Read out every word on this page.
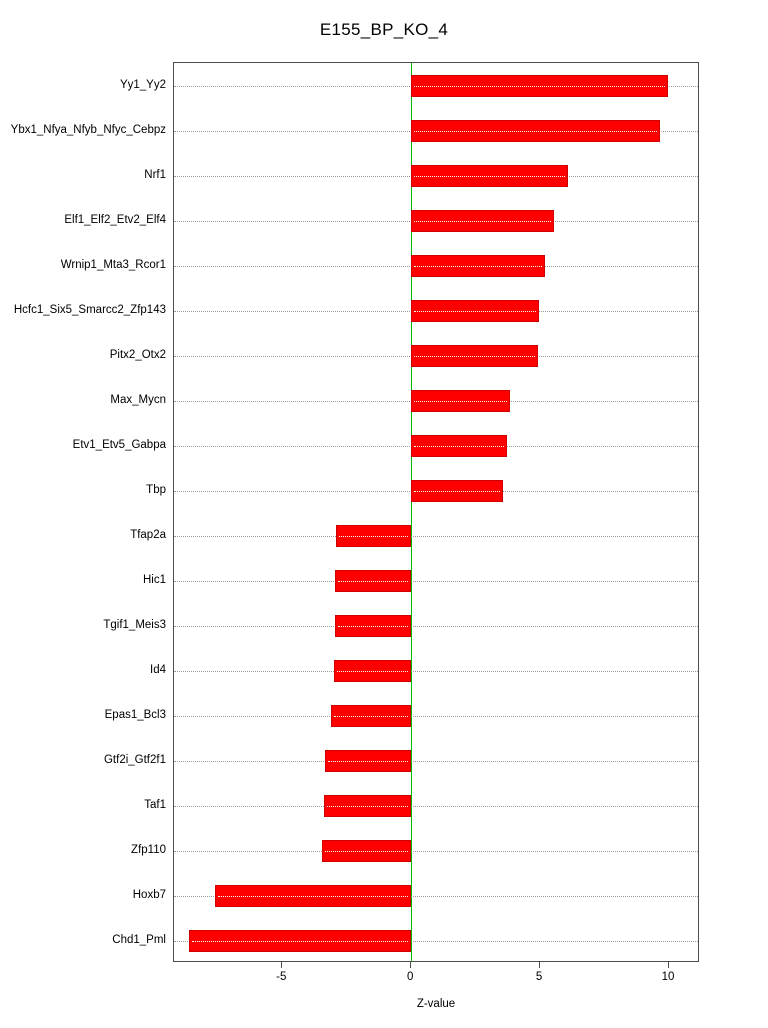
E155_BP_KO_4
Yy1_Yy2
Ybx1_Nfya_Nfyb_Nfyc_Cebpz
Nrf1
Elf1_Elf2_Etv2_Elf4
Wrnip1_Mta3_Rcor1
Hcfc1_Six5_Smarcc2_Zfp143
Pitx2_Otx2
Max_Mycn
Etv1_Etv5_Gabpa
Tbp
Tfap2a
Hic1
Tgif1_Meis3
Id4
Epas1_Bcl3
Gtf2i_Gtf2f1
Taf1
Zfp110
Hoxb7
Chd1_Pml
-5	0	5	10
Z-value
